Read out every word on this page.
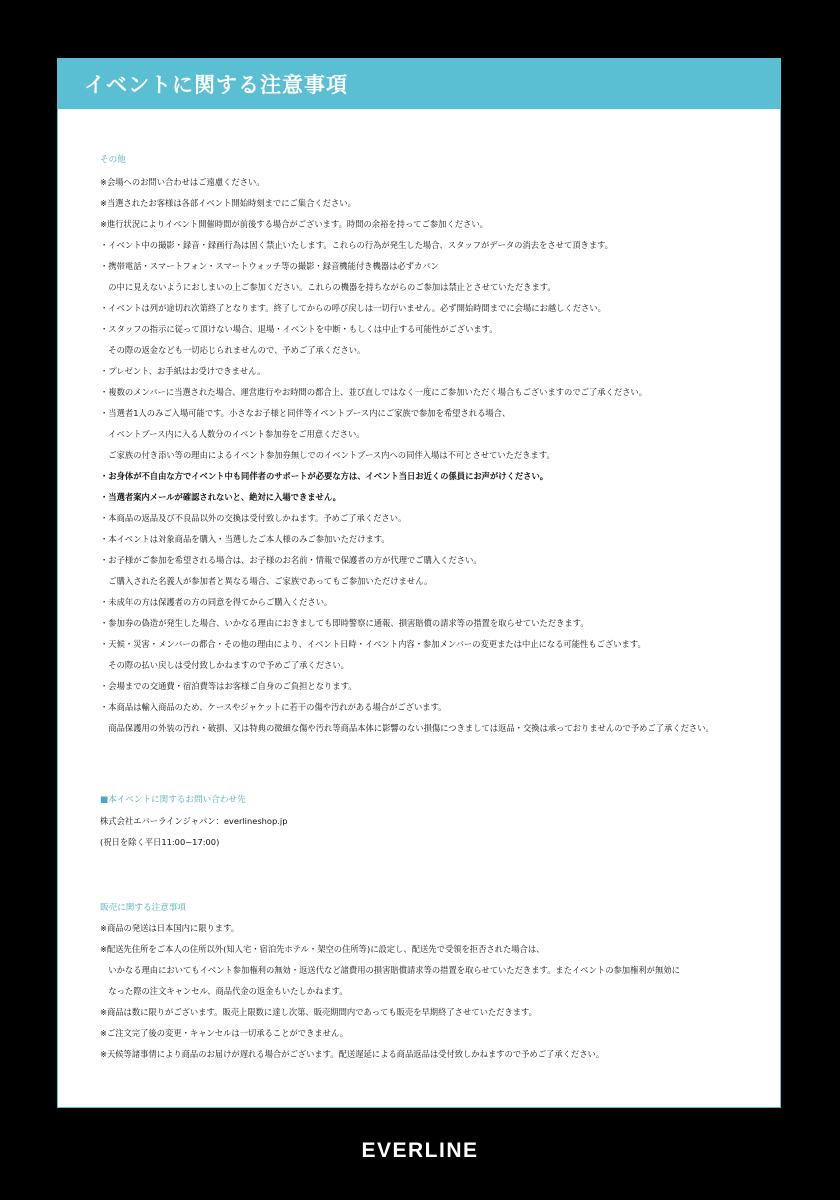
イベントに関する注意事項
その他
※会場へのお問い合わせはご遠慮ください。
※当選されたお客様は各部イベント開始時刻までにご集合ください。
※進行状況によりイベント開催時間が前後する場合がございます。時間の余裕を持ってご参加ください。
・イベント中の撮影・録音・録画行為は固く禁止いたします。これらの行為が発生した場合、スタッフがデータの消去をさせて頂きます。
・携帯電話・スマートフォン・スマートウォッチ等の撮影・録音機能付き機器は必ずカバン
　の中に見えないようにおしまいの上ご参加ください。これらの機器を持ちながらのご参加は禁止とさせていただきます。
・イベントは列が途切れ次第終了となります。終了してからの呼び戻しは一切行いません。必ず開始時間までに会場にお越しください。
・スタッフの指示に従って頂けない場合、退場・イベントを中断・もしくは中止する可能性がございます。
　その際の返金なども一切応じられませんので、予めご了承ください。
・プレゼント、お手紙はお受けできません。
・複数のメンバーに当選された場合、運営進行やお時間の都合上、並び直しではなく一度にご参加いただく場合もございますのでご了承ください。
・当選者1人のみご入場可能です。小さなお子様と同伴等イベントブース内にご家族で参加を希望される場合、
　イベントブース内に入る人数分のイベント参加券をご用意ください。
　ご家族の付き添い等の理由によるイベント参加券無しでのイベントブース内への同伴入場は不可とさせていただきます。
・お身体が不自由な方でイベント中も同伴者のサポートが必要な方は、イベント当日お近くの係員にお声がけください。
・当選者案内メールが確認されないと、絶対に入場できません。
・本商品の返品及び不良品以外の交換は受付致しかねます。予めご了承ください。
・本イベントは対象商品を購入・当選したご本人様のみご参加いただけます。
・お子様がご参加を希望される場合は、お子様のお名前・情報で保護者の方が代理でご購入ください。
　ご購入された名義人が参加者と異なる場合、ご家族であってもご参加いただけません。
・未成年の方は保護者の方の同意を得てからご購入ください。
・参加券の偽造が発生した場合、いかなる理由におきましても即時警察に通報、損害賠償の請求等の措置を取らせていただきます。
・天候・災害・メンバーの都合・その他の理由により、イベント日時・イベント内容・参加メンバーの変更または中止になる可能性もございます。
　その際の払い戻しは受付致しかねますので予めご了承ください。
・会場までの交通費・宿泊費等はお客様ご自身のご負担となります。
・本商品は輸入商品のため、ケースやジャケットに若干の傷や汚れがある場合がございます。
　商品保護用の外装の汚れ・破損、又は特典の微細な傷や汚れ等商品本体に影響のない損傷につきましては返品・交換は承っておりませんので予めご了承ください。
■本イベントに関するお問い合わせ先
株式会社エバーラインジャパン：everlineshop.jp
(祝日を除く平日11:00~17:00)
販売に関する注意事項
※商品の発送は日本国内に限ります。
※配送先住所をご本人の住所以外(知人宅・宿泊先ホテル・架空の住所等)に設定し、配送先で受領を拒否された場合は、
　いかなる理由においてもイベント参加権利の無効・返送代など諸費用の損害賠償請求等の措置を取らせていただきます。またイベントの参加権利が無効に
　なった際の注文キャンセル、商品代金の返金もいたしかねます。
※商品は数に限りがございます。販売上限数に達し次第、販売期間内であっても販売を早期終了させていただきます。
※ご注文完了後の変更・キャンセルは一切承ることができません。
※天候等諸事情により商品のお届けが遅れる場合がございます。配送遅延による商品返品は受付致しかねますので予めご了承ください。
EVERLINE
